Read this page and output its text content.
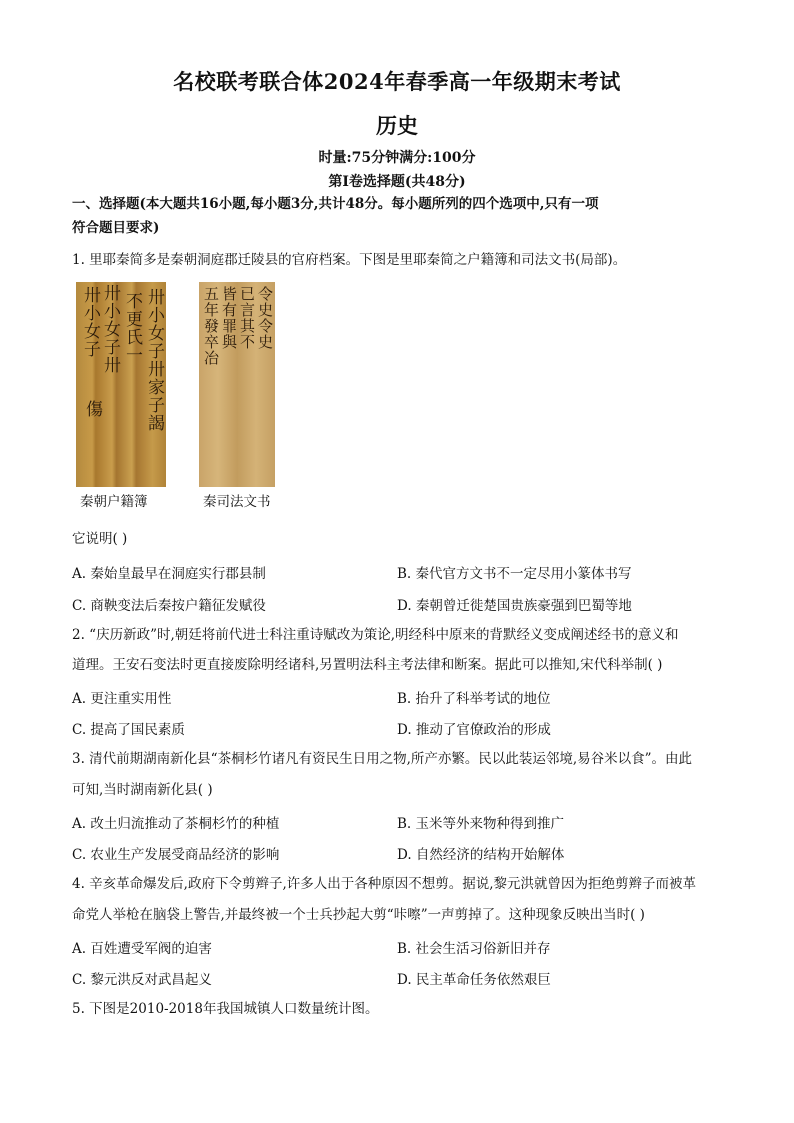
名校联考联合体2024年春季高一年级期末考试
历史
时量:75分钟满分:100分
第Ⅰ卷选择题(共48分)
一、选择题(本大题共16小题,每小题3分,共计48分。每小题所列的四个选项中,只有一项
符合题目要求)
1. 里耶秦简多是秦朝洞庭郡迁陵县的官府档案。下图是里耶秦简之户籍簿和司法文书(局部)。
卅小女子 卅小女子卅 不更氏一
傷 卅小女子卅家子謁
秦朝户籍簿
五年發卒冶 皆有罪與 已言其不 令史令史
秦司法文书
它说明( )
A. 秦始皇最早在洞庭实行郡县制	B. 秦代官方文书不一定尽用小篆体书写
C. 商鞅变法后秦按户籍征发赋役	D. 秦朝曾迁徙楚国贵族豪强到巴蜀等地
2. “庆历新政”时,朝廷将前代进士科注重诗赋改为策论,明经科中原来的背默经义变成阐述经书的意义和
道理。王安石变法时更直接废除明经诸科,另置明法科主考法律和断案。据此可以推知,宋代科举制( )
A. 更注重实用性	B. 抬升了科举考试的地位
C. 提高了国民素质	D. 推动了官僚政治的形成
3. 清代前期湖南新化县“茶桐杉竹诸凡有资民生日用之物,所产亦繁。民以此装运邻境,易谷米以食”。由此
可知,当时湖南新化县( )
A. 改土归流推动了茶桐杉竹的种植	B. 玉米等外来物种得到推广
C. 农业生产发展受商品经济的影响	D. 自然经济的结构开始解体
4. 辛亥革命爆发后,政府下令剪辫子,许多人出于各种原因不想剪。据说,黎元洪就曾因为拒绝剪辫子而被革
命党人举枪在脑袋上警告,并最终被一个士兵抄起大剪“咔嚓”一声剪掉了。这种现象反映出当时( )
A. 百姓遭受军阀的迫害	B. 社会生活习俗新旧并存
C. 黎元洪反对武昌起义	D. 民主革命任务依然艰巨
5. 下图是2010-2018年我国城镇人口数量统计图。
